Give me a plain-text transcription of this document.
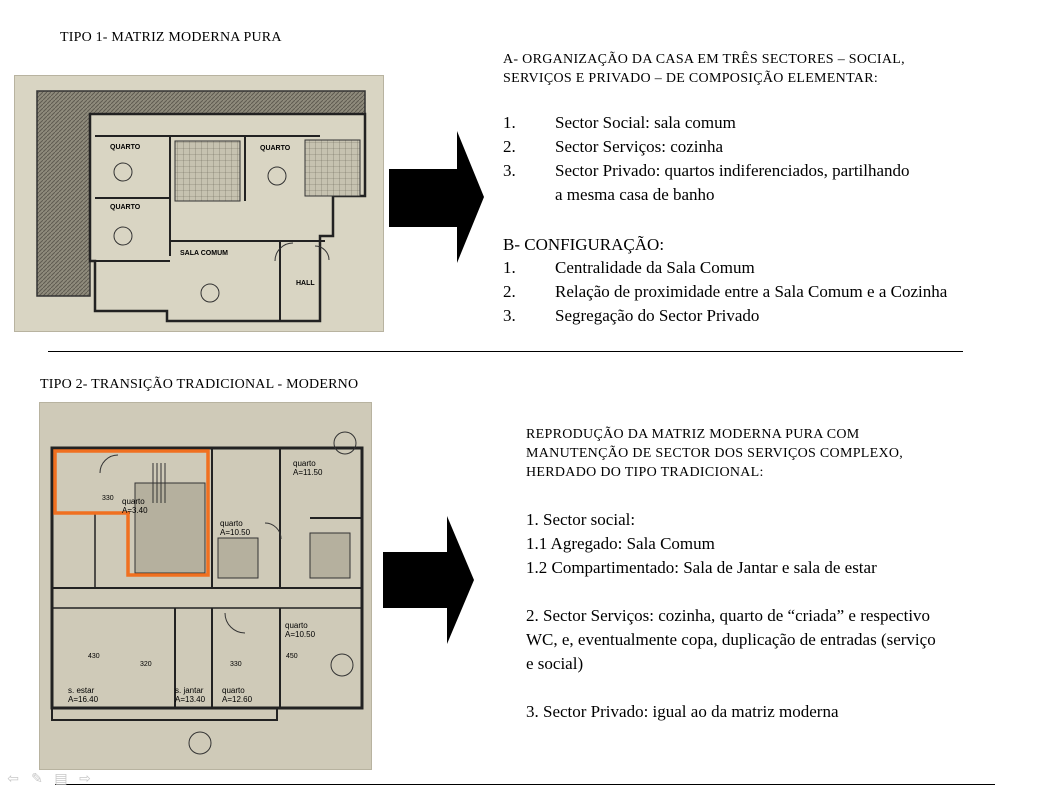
TIPO 1- MATRIZ MODERNA PURA
QUARTO
QUARTO
QUARTO
SALA COMUM
HALL
A- ORGANIZAÇÃO DA CASA EM TRÊS SECTORES – SOCIAL,
SERVIÇOS E PRIVADO – DE COMPOSIÇÃO ELEMENTAR:
1.	Sector Social: sala comum
2.	Sector Serviços: cozinha
3.	Sector Privado: quartos indiferenciados, partilhando
a mesma casa de banho
B- CONFIGURAÇÃO:
1.	Centralidade da Sala Comum
2.	Relação de proximidade entre a Sala Comum e a Cozinha
3.	Segregação do Sector Privado
TIPO 2- TRANSIÇÃO TRADICIONAL - MODERNO
quarto
A=11.50
quarto
A=3.40
quarto
A=10.50
quarto
A=10.50
s. estar
A=16.40
s. jantar
A=13.40
quarto
A=12.60
330
320	330
430	450
REPRODUÇÃO DA MATRIZ MODERNA PURA COM
MANUTENÇÃO DE SECTOR DOS SERVIÇOS COMPLEXO,
HERDADO DO TIPO TRADICIONAL:
1. Sector social:
1.1 Agregado: Sala Comum
1.2 Compartimentado: Sala de Jantar e sala de estar
2. Sector Serviços: cozinha, quarto de “criada” e respectivo
WC, e, eventualmente copa, duplicação de entradas (serviço
e social)
3. Sector Privado: igual ao da matriz moderna
⇦ ✎ ▤ ⇨
